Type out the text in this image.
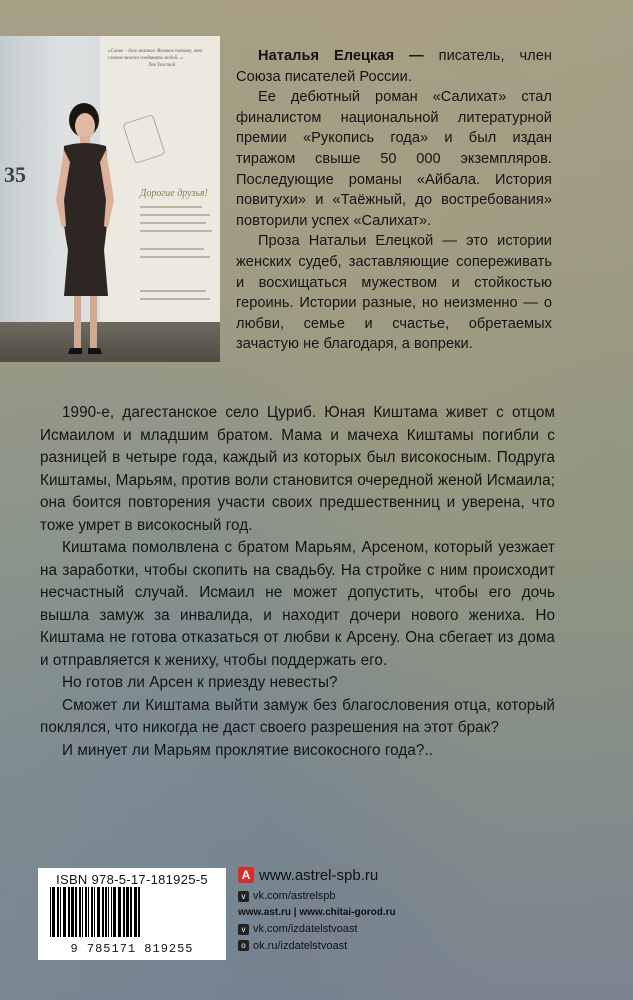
«Слово – дело великое. Великое потому, что словом можно соединить людей...»
Лев Толстой
Дорогие друзья!
35

Наталья Елецкая — писатель, член Союза писателей России.

Ее дебютный роман «Салихат» стал финалистом национальной литературной премии «Рукопись года» и был издан тиражом свыше 50 000 экземпляров. Последующие романы «Айбала. История повитухи» и «Таёжный, до востребования» повторили успех «Салихат».

Проза Натальи Елецкой — это истории женских судеб, заставляющие сопереживать и восхищаться мужеством и стойкостью героинь. Истории разные, но неизменно — о любви, семье и счастье, обретаемых зачастую не благодаря, а вопреки.

1990-е, дагестанское село Цуриб. Юная Киштама живет с отцом Исмаилом и младшим братом. Мама и мачеха Киштамы погибли с разницей в четыре года, каждый из которых был високосным. Подруга Киштамы, Марьям, против воли становится очередной женой Исмаила; она боится повторения участи своих предшественниц и уверена, что тоже умрет в високосный год.

Киштама помолвлена с братом Марьям, Арсеном, который уезжает на заработки, чтобы скопить на свадьбу. На стройке с ним происходит несчастный случай. Исмаил не может допустить, чтобы его дочь вышла замуж за инвалида, и находит дочери нового жениха. Но Киштама не готова отказаться от любви к Арсену. Она сбегает из дома и отправляется к жениху, чтобы поддержать его.

Но готов ли Арсен к приезду невесты?

Сможет ли Киштама выйти замуж без благословения отца, который поклялся, что никогда не даст своего разрешения на этот брак?

И минует ли Марьям проклятие високосного года?..

ISBN 978-5-17-181925-5
9 785171 819255
A www.astrel-spb.ru
v vk.com/astrelspb
www.ast.ru | www.chitai-gorod.ru
v vk.com/izdatelstvoast
o ok.ru/izdatelstvoast
